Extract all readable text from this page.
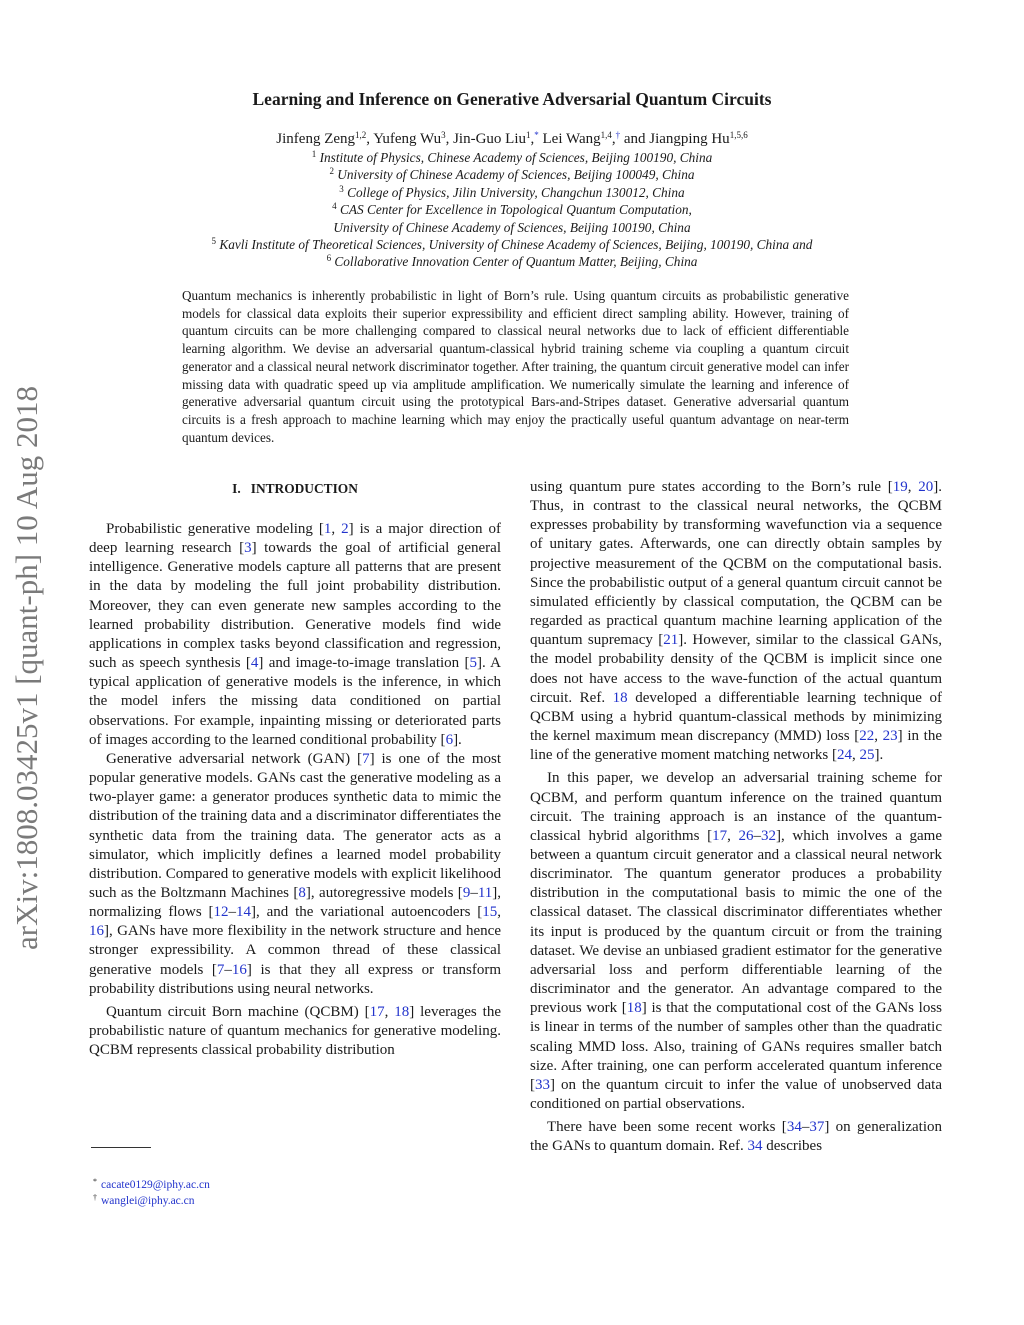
arXiv:1808.03425v1 [quant-ph] 10 Aug 2018
Learning and Inference on Generative Adversarial Quantum Circuits
Jinfeng Zeng$^{1,2}$, Yufeng Wu$^3$, Jin-Guo Liu$^1$,* Lei Wang$^{1,4}$,† and Jiangping Hu$^{1,5,6}$
$^1$ Institute of Physics, Chinese Academy of Sciences, Beijing 100190, China
$^2$ University of Chinese Academy of Sciences, Beijing 100049, China
$^3$ College of Physics, Jilin University, Changchun 130012, China
$^4$ CAS Center for Excellence in Topological Quantum Computation,
University of Chinese Academy of Sciences, Beijing 100190, China
$^5$ Kavli Institute of Theoretical Sciences, University of Chinese Academy of Sciences, Beijing, 100190, China and
$^6$ Collaborative Innovation Center of Quantum Matter, Beijing, China
Quantum mechanics is inherently probabilistic in light of Born’s rule. Using quantum circuits as probabilistic generative models for classical data exploits their superior expressibility and efficient direct sampling ability. However, training of quantum circuits can be more challenging compared to classical neural networks due to lack of efficient differentiable learning algorithm. We devise an adversarial quantum-classical hybrid training scheme via coupling a quantum circuit generator and a classical neural network discriminator together. After training, the quantum circuit generative model can infer missing data with quadratic speed up via amplitude amplification. We numerically simulate the learning and inference of generative adversarial quantum circuit using the prototypical Bars-and-Stripes dataset. Generative adversarial quantum circuits is a fresh approach to machine learning which may enjoy the practically useful quantum advantage on near-term quantum devices.
I.   INTRODUCTION

Probabilistic generative modeling [1, 2] is a major direction of deep learning research [3] towards the goal of artificial general intelligence. Generative models capture all patterns that are present in the data by modeling the full joint probability distribution. Moreover, they can even generate new samples according to the learned probability distribution. Generative models find wide applications in complex tasks beyond classification and regression, such as speech synthesis [4] and image-to-image translation [5]. A typical application of generative models is the inference, in which the model infers the missing data conditioned on partial observations. For example, inpainting missing or deteriorated parts of images according to the learned conditional probability [6].

Generative adversarial network (GAN) [7] is one of the most popular generative models. GANs cast the generative modeling as a two-player game: a generator produces synthetic data to mimic the distribution of the training data and a discriminator differentiates the synthetic data from the training data. The generator acts as a simulator, which implicitly defines a learned model probability distribution. Compared to generative models with explicit likelihood such as the Boltzmann Machines [8], autoregressive models [9–11], normalizing flows [12–14], and the variational autoencoders [15, 16], GANs have more flexibility in the network structure and hence stronger expressibility. A common thread of these classical generative models [7–16] is that they all express or transform probability distributions using neural networks.

Quantum circuit Born machine (QCBM) [17, 18] leverages the probabilistic nature of quantum mechanics for generative modeling. QCBM represents classical probability distribution

using quantum pure states according to the Born’s rule [19, 20]. Thus, in contrast to the classical neural networks, the QCBM expresses probability by transforming wavefunction via a sequence of unitary gates. Afterwards, one can directly obtain samples by projective measurement of the QCBM on the computational basis. Since the probabilistic output of a general quantum circuit cannot be simulated efficiently by classical computation, the QCBM can be regarded as practical quantum machine learning application of the quantum supremacy [21]. However, similar to the classical GANs, the model probability density of the QCBM is implicit since one does not have access to the wave-function of the actual quantum circuit. Ref. 18 developed a differentiable learning technique of QCBM using a hybrid quantum-classical methods by minimizing the kernel maximum mean discrepancy (MMD) loss [22, 23] in the line of the generative moment matching networks [24, 25].

In this paper, we develop an adversarial training scheme for QCBM, and perform quantum inference on the trained quantum circuit. The training approach is an instance of the quantum-classical hybrid algorithms [17, 26–32], which involves a game between a quantum circuit generator and a classical neural network discriminator. The quantum generator produces a probability distribution in the computational basis to mimic the one of the classical dataset. The classical discriminator differentiates whether its input is produced by the quantum circuit or from the training dataset. We devise an unbiased gradient estimator for the generative adversarial loss and perform differentiable learning of the discriminator and the generator. An advantage compared to the previous work [18] is that the computational cost of the GANs loss is linear in terms of the number of samples other than the quadratic scaling MMD loss. Also, training of GANs requires smaller batch size. After training, one can perform accelerated quantum inference [33] on the quantum circuit to infer the value of unobserved data conditioned on partial observations.

There have been some recent works [34–37] on generalization the GANs to quantum domain. Ref. 34 describes

* cacate0129@iphy.ac.cn
† wanglei@iphy.ac.cn
